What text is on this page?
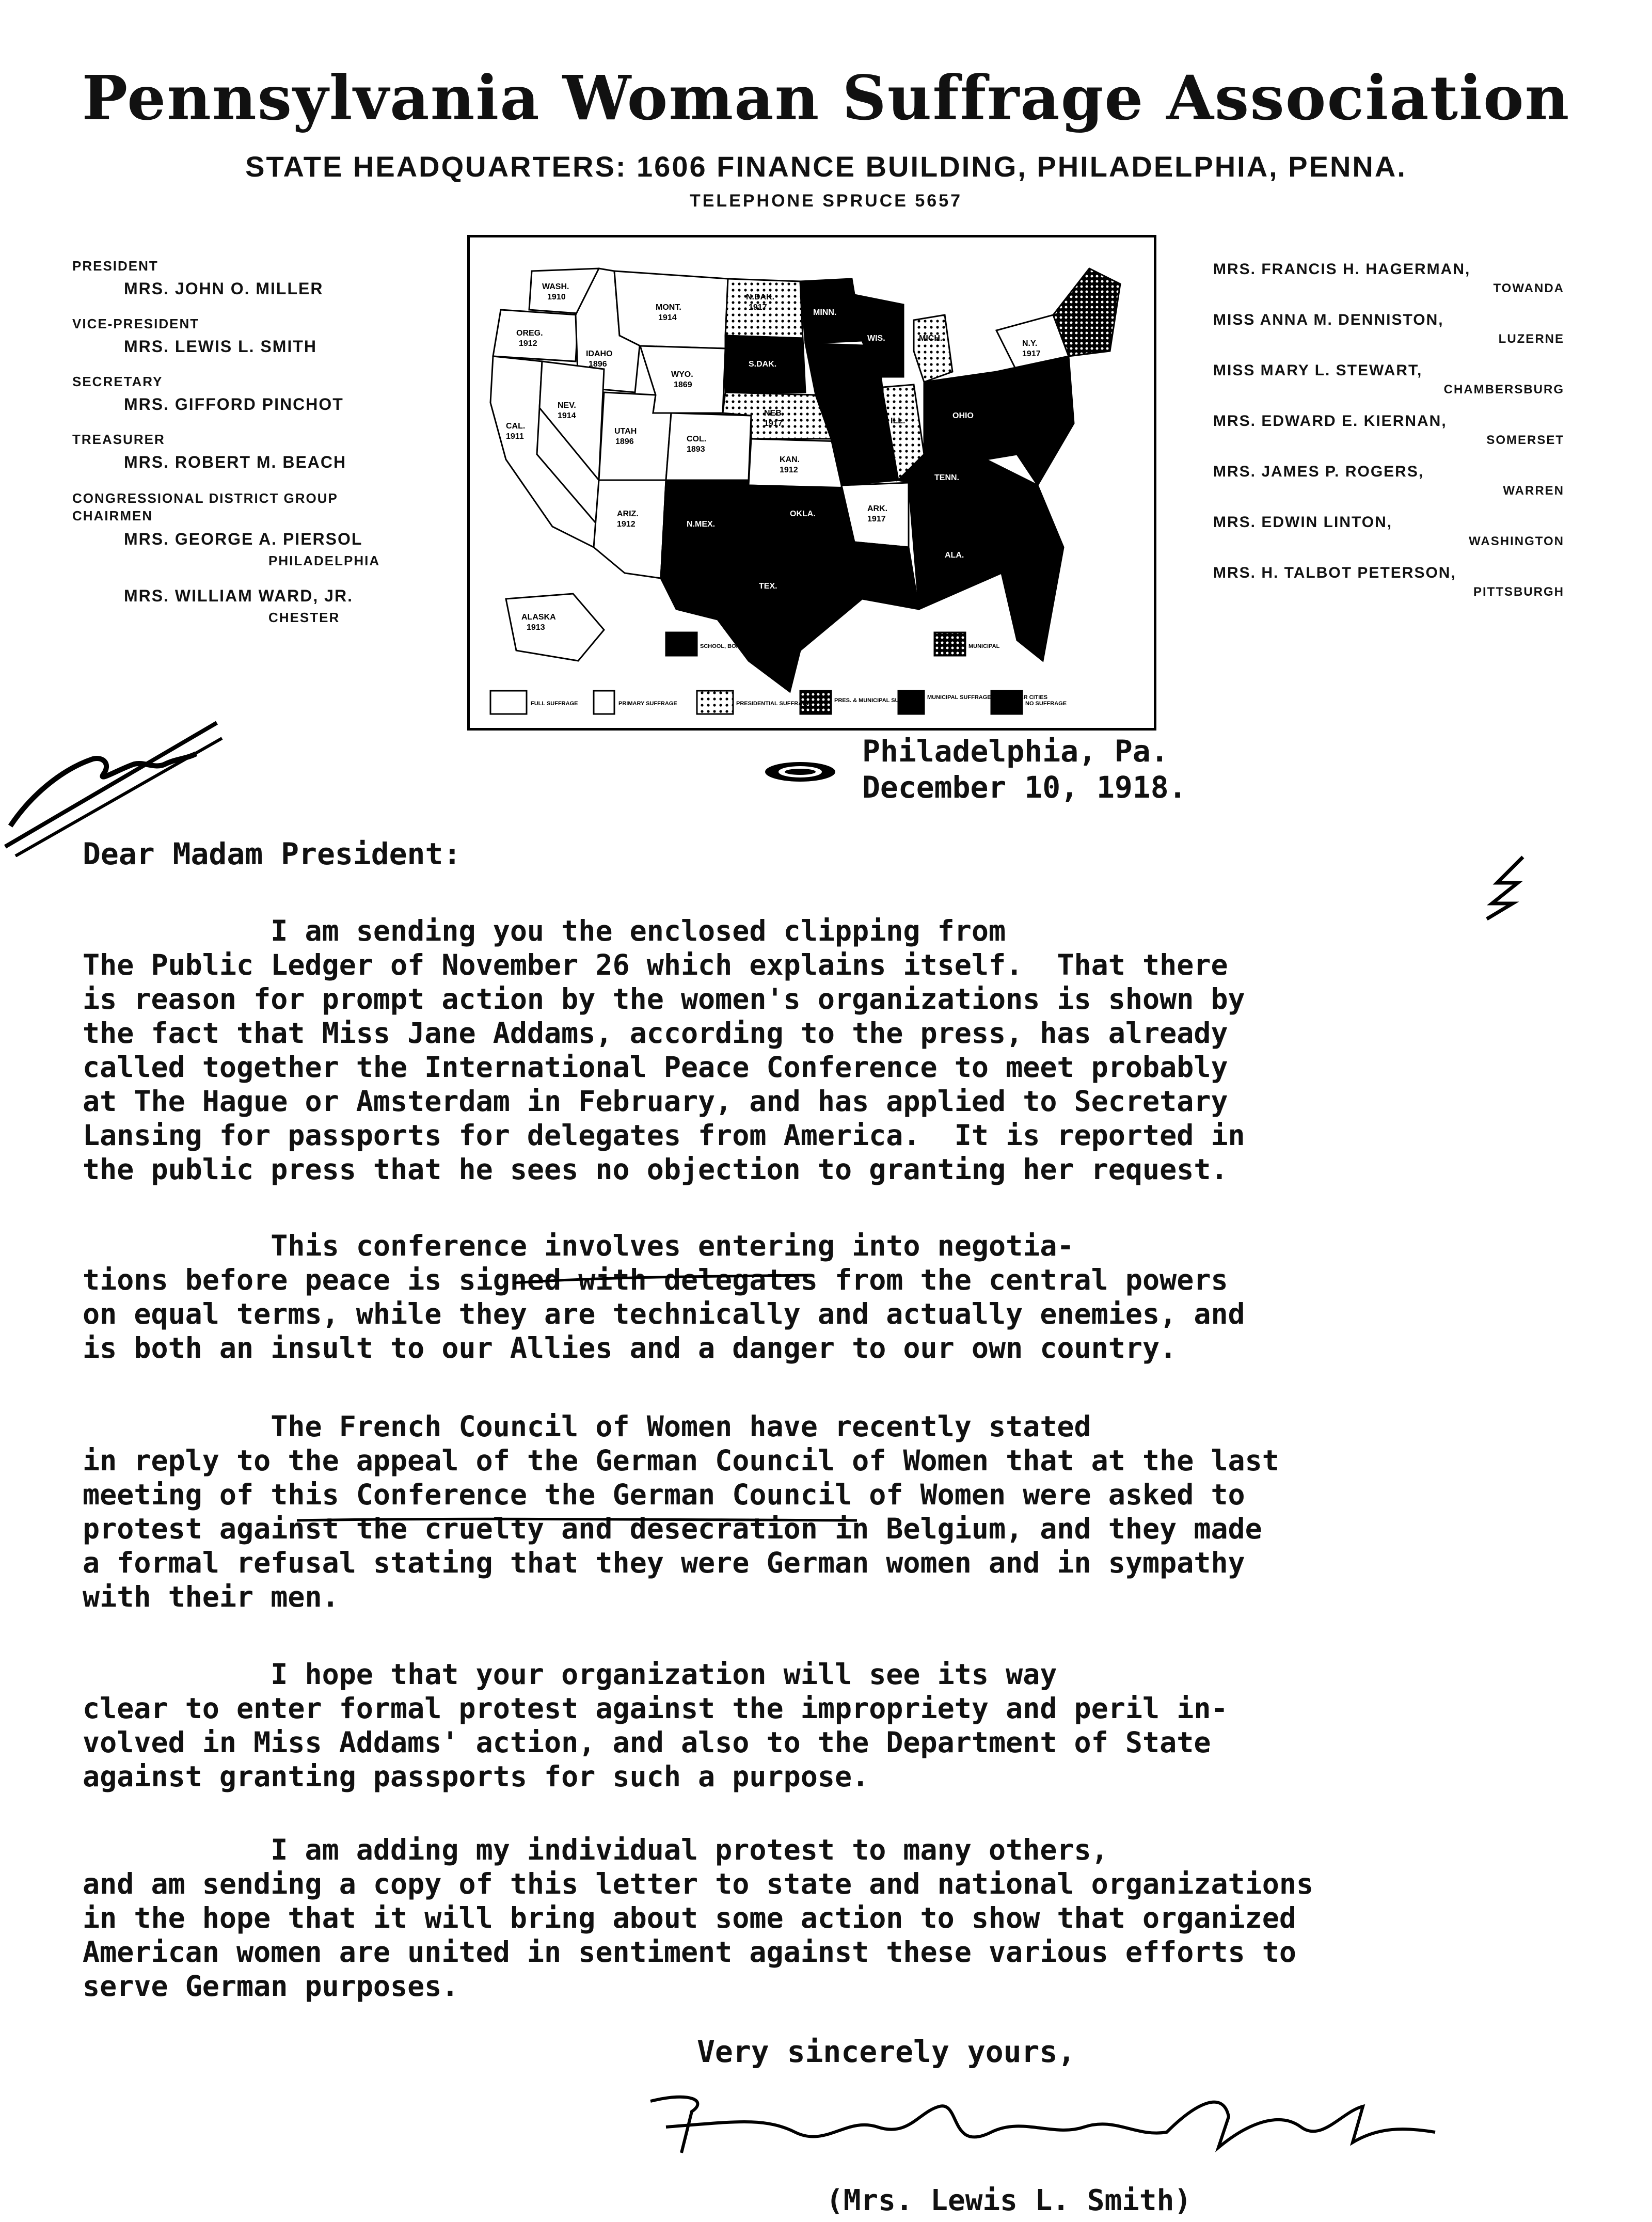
Pennsylvania Woman Suffrage Association
STATE HEADQUARTERS: 1606 FINANCE BUILDING, PHILADELPHIA, PENNA.
TELEPHONE SPRUCE 5657
PRESIDENT
MRS. JOHN O. MILLER
VICE-PRESIDENT
MRS. LEWIS L. SMITH
SECRETARY
MRS. GIFFORD PINCHOT
TREASURER
MRS. ROBERT M. BEACH
CONGRESSIONAL DISTRICT GROUP CHAIRMEN
MRS. GEORGE A. PIERSOL
PHILADELPHIA
MRS. WILLIAM WARD, JR.
CHESTER
MRS. FRANCIS H. HAGERMAN,
TOWANDA
MISS ANNA M. DENNISTON,
LUZERNE
MISS MARY L. STEWART,
CHAMBERSBURG
MRS. EDWARD E. KIERNAN,
SOMERSET
MRS. JAMES P. ROGERS,
WARREN
MRS. EDWIN LINTON,
WASHINGTON
MRS. H. TALBOT PETERSON,
PITTSBURGH
WASH.
1910
OREG.
1912
MONT.
1914
IDAHO
1896
WYO.
1869
NEV.
1914
UTAH
1896	COL.
1893
CAL.
1911
ARIZ.
1912
N.DAK.
1917
NEB.
1917
KAN.
1912
ARK.
1917
N.Y.
1917
IOWA
MICH.
ILL.
ALASKA
1913
S.DAK.
MINN.
WIS.
OKLA.
TEX.
N.MEX.
OHIO
TENN.
ALA.
FULL SUFFRAGE	PRIMARY SUFFRAGE	PRESIDENTIAL SUFFRAGE	PRES. & MUNICIPAL SUFFRAGE MUNICIPAL SUFFRAGE IN CHARTER CITIES
NO SUFFRAGE
SCHOOL, BOND or TAX	MUNICIPAL
Philadelphia, Pa.
December 10, 1918.
Dear Madam President:
I am sending you the enclosed clipping from
The Public Ledger of November 26 which explains itself.  That there
is reason for prompt action by the women's organizations is shown by
the fact that Miss Jane Addams, according to the press, has already
called together the International Peace Conference to meet probably
at The Hague or Amsterdam in February, and has applied to Secretary
Lansing for passports for delegates from America.  It is reported in
the public press that he sees no objection to granting her request.
This conference involves entering into negotia-
tions before peace is signed with delegates from the central powers
on equal terms, while they are technically and actually enemies, and
is both an insult to our Allies and a danger to our own country.
The French Council of Women have recently stated
in reply to the appeal of the German Council of Women that at the last
meeting of this Conference the German Council of Women were asked to
protest against the cruelty and desecration in Belgium, and they made
a formal refusal stating that they were German women and in sympathy
with their men.
I hope that your organization will see its way
clear to enter formal protest against the impropriety and peril in-
volved in Miss Addams' action, and also to the Department of State
against granting passports for such a purpose.
I am adding my individual protest to many others,
and am sending a copy of this letter to state and national organizations
in the hope that it will bring about some action to show that organized
American women are united in sentiment against these various efforts to
serve German purposes.
Very sincerely yours,
(Mrs. Lewis L. Smith)
